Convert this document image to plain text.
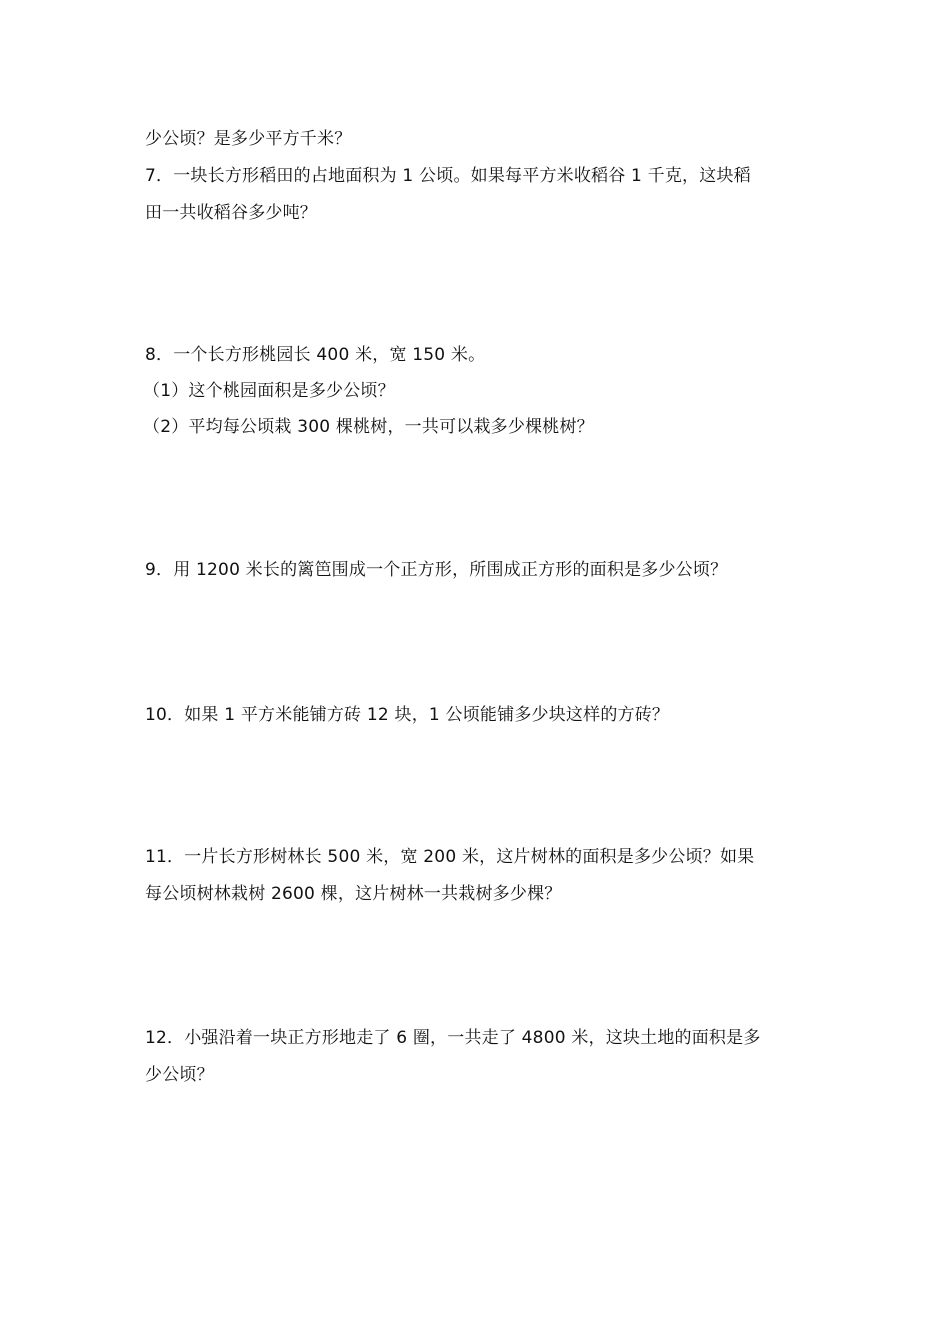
少公顷？是多少平方千米？
7．一块长方形稻田的占地面积为 1 公顷。如果每平方米收稻谷 1 千克，这块稻
田一共收稻谷多少吨？
8．一个长方形桃园长 400 米，宽 150 米。
（1）这个桃园面积是多少公顷？
（2）平均每公顷栽 300 棵桃树，一共可以栽多少棵桃树？
9．用 1200 米长的篱笆围成一个正方形，所围成正方形的面积是多少公顷？
10．如果 1 平方米能铺方砖 12 块，1 公顷能铺多少块这样的方砖？
11．一片长方形树林长 500 米，宽 200 米，这片树林的面积是多少公顷？如果
每公顷树林栽树 2600 棵，这片树林一共栽树多少棵？
12．小强沿着一块正方形地走了 6 圈，一共走了 4800 米，这块土地的面积是多
少公顷？
